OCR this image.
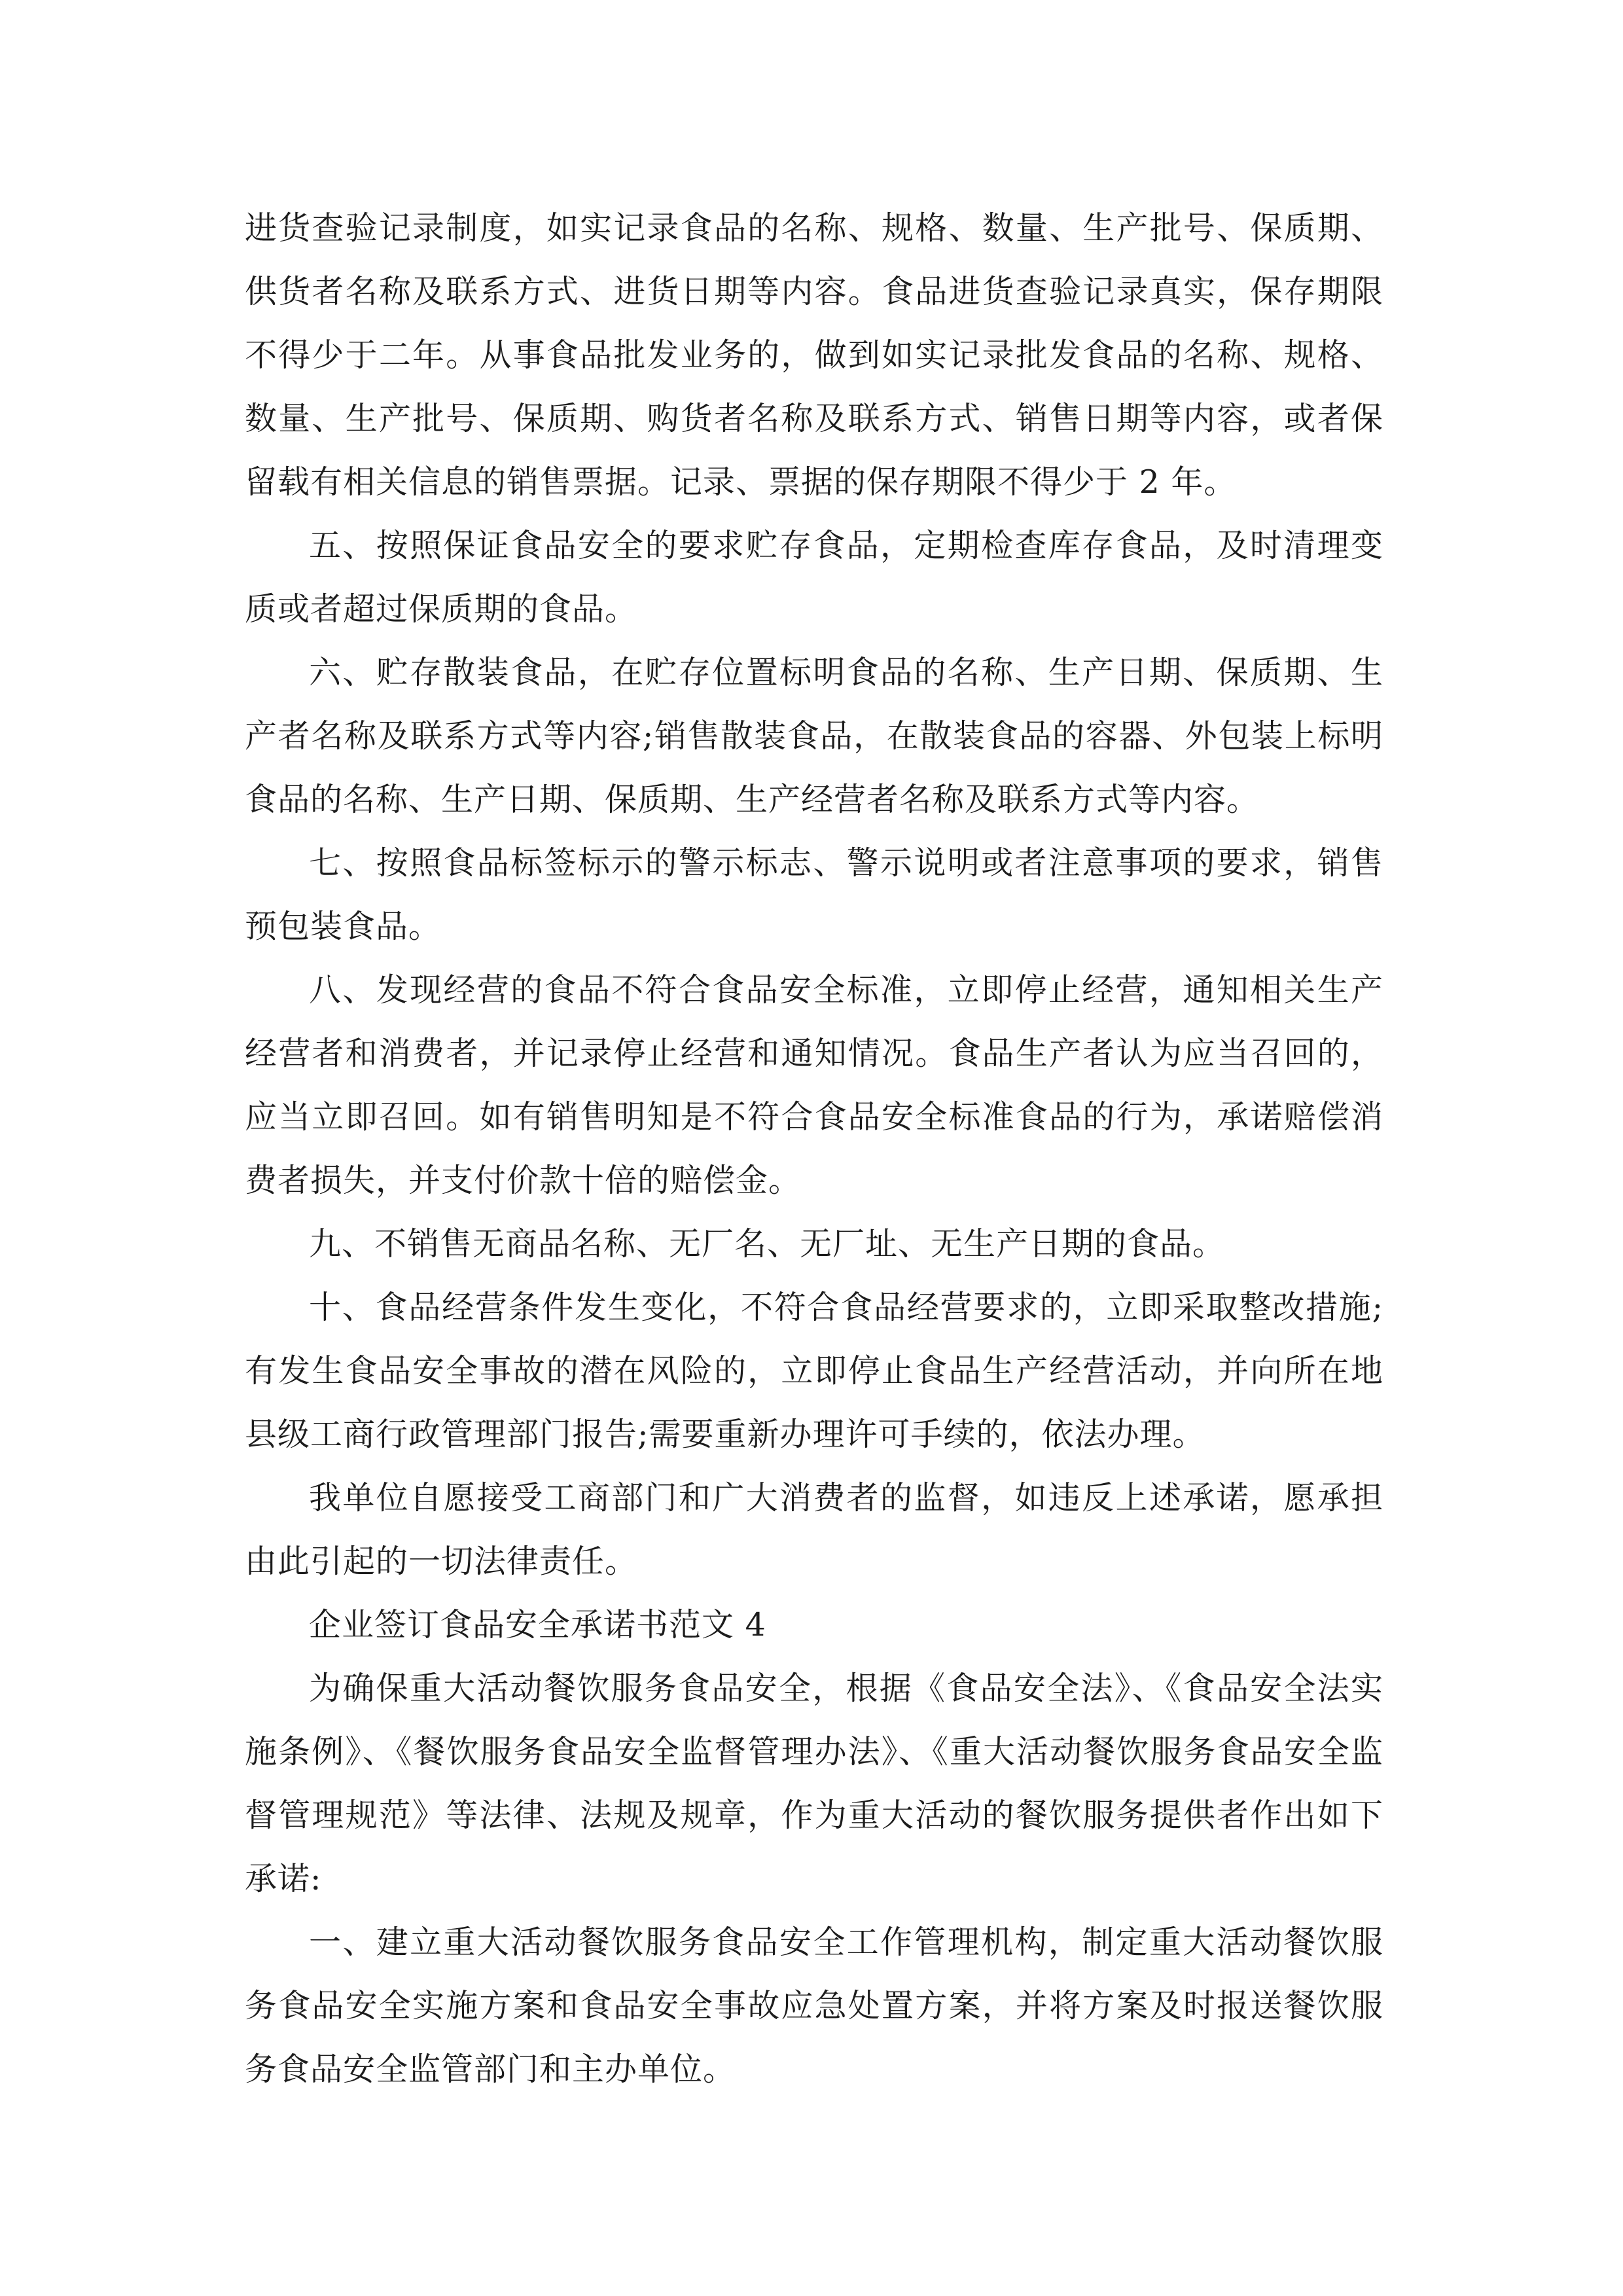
进货查验记录制度，如实记录食品的名称、规格、数量、生产批号、保质期、供货者名称及联系方式、进货日期等内容。食品进货查验记录真实，保存期限不得少于二年。从事食品批发业务的，做到如实记录批发食品的名称、规格、数量、生产批号、保质期、购货者名称及联系方式、销售日期等内容，或者保留载有相关信息的销售票据。记录、票据的保存期限不得少于 2 年。

五、按照保证食品安全的要求贮存食品，定期检查库存食品，及时清理变质或者超过保质期的食品。

六、贮存散装食品，在贮存位置标明食品的名称、生产日期、保质期、生产者名称及联系方式等内容;销售散装食品，在散装食品的容器、外包装上标明食品的名称、生产日期、保质期、生产经营者名称及联系方式等内容。

七、按照食品标签标示的警示标志、警示说明或者注意事项的要求，销售预包装食品。

八、发现经营的食品不符合食品安全标准，立即停止经营，通知相关生产经营者和消费者，并记录停止经营和通知情况。食品生产者认为应当召回的，应当立即召回。如有销售明知是不符合食品安全标准食品的行为，承诺赔偿消费者损失，并支付价款十倍的赔偿金。

九、不销售无商品名称、无厂名、无厂址、无生产日期的食品。

十、食品经营条件发生变化，不符合食品经营要求的，立即采取整改措施;有发生食品安全事故的潜在风险的，立即停止食品生产经营活动，并向所在地县级工商行政管理部门报告;需要重新办理许可手续的，依法办理。

我单位自愿接受工商部门和广大消费者的监督，如违反上述承诺，愿承担由此引起的一切法律责任。

企业签订食品安全承诺书范文 4

为确保重大活动餐饮服务食品安全，根据《食品安全法》、《食品安全法实施条例》、《餐饮服务食品安全监督管理办法》、《重大活动餐饮服务食品安全监督管理规范》等法律、法规及规章，作为重大活动的餐饮服务提供者作出如下承诺:

一、建立重大活动餐饮服务食品安全工作管理机构，制定重大活动餐饮服务食品安全实施方案和食品安全事故应急处置方案，并将方案及时报送餐饮服务食品安全监管部门和主办单位。
